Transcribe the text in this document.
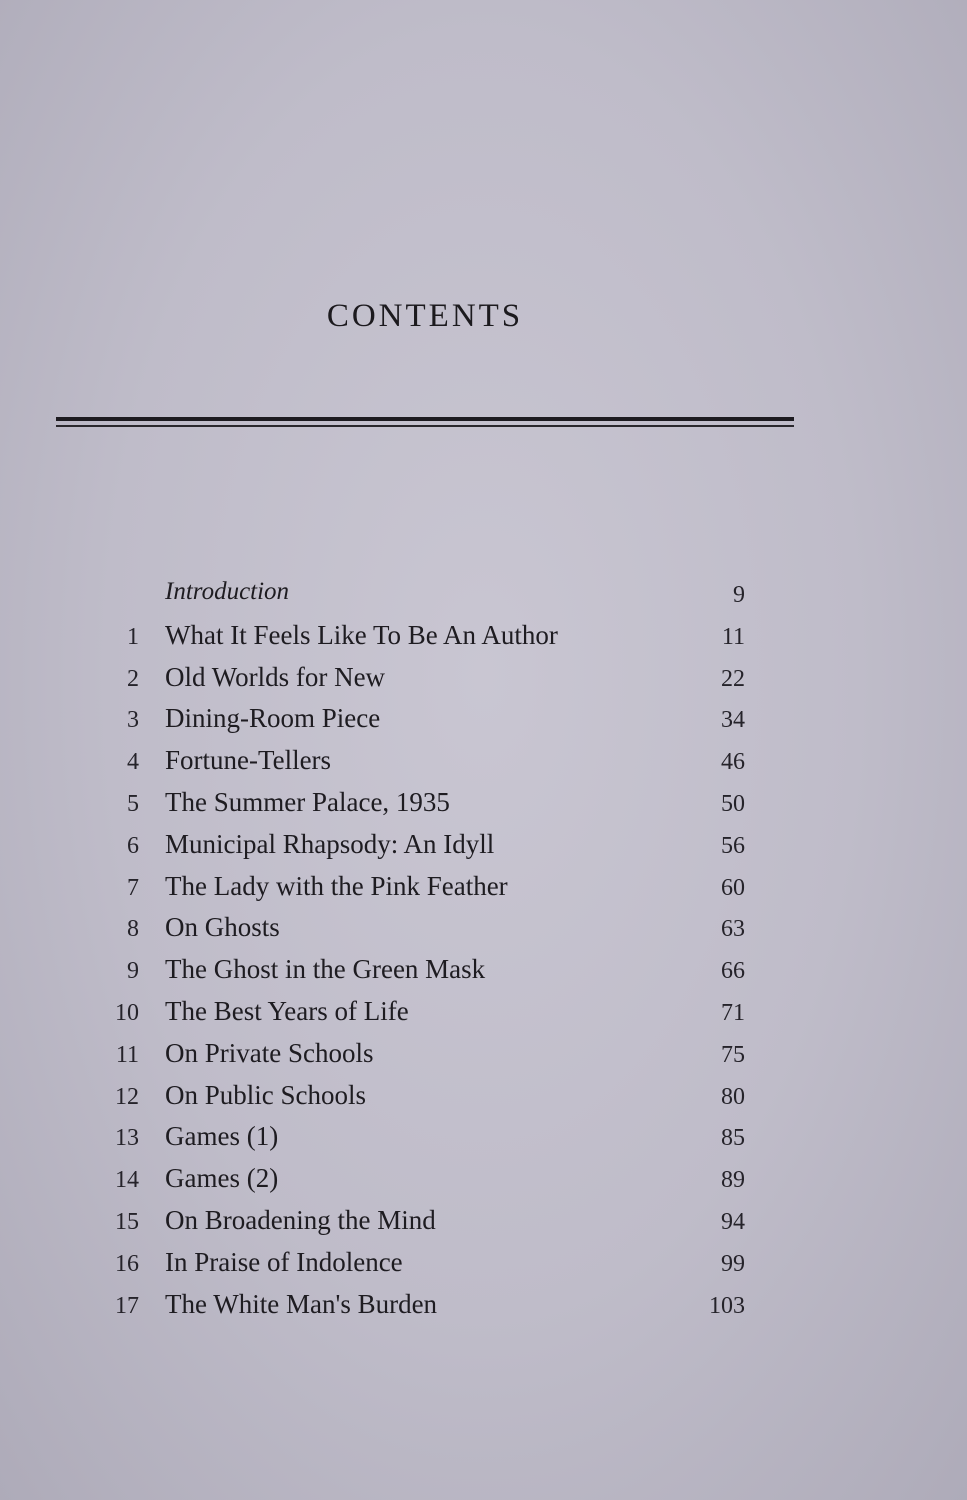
CONTENTS
Introduction	9
1 What It Feels Like To Be An Author	11
2 Old Worlds for New	22
3 Dining-Room Piece	34
4 Fortune-Tellers	46
5 The Summer Palace, 1935	50
6 Municipal Rhapsody: An Idyll	56
7 The Lady with the Pink Feather	60
8 On Ghosts	63
9 The Ghost in the Green Mask	66
10 The Best Years of Life	71
11 On Private Schools	75
12 On Public Schools	80
13 Games (1)	85
14 Games (2)	89
15 On Broadening the Mind	94
16 In Praise of Indolence	99
17 The White Man's Burden	103
